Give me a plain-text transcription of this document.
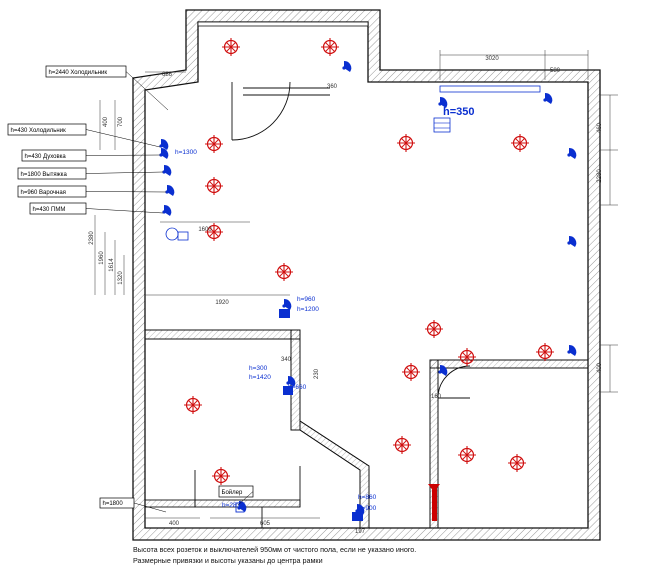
1920
1600
2380
1960
1614
1320
400 700
686
360
3020
580
460
2280
400
340
230
160
400	605
197
h=350
h=1300
h=960
h=1200
h=300
h=1420
h=660
h=860
h=900
h=2870
h=2440 Холодильник
h=430 Холодильник
h=430 Духовка
h=1800 Вытяжка
h=960 Варочная
h=430 ПММ
h=1800
Бойлер
Высота всех розеток и выключателей 950мм от чистого пола, если не указано иного.
Размерные привязки и высоты указаны до центра рамки
